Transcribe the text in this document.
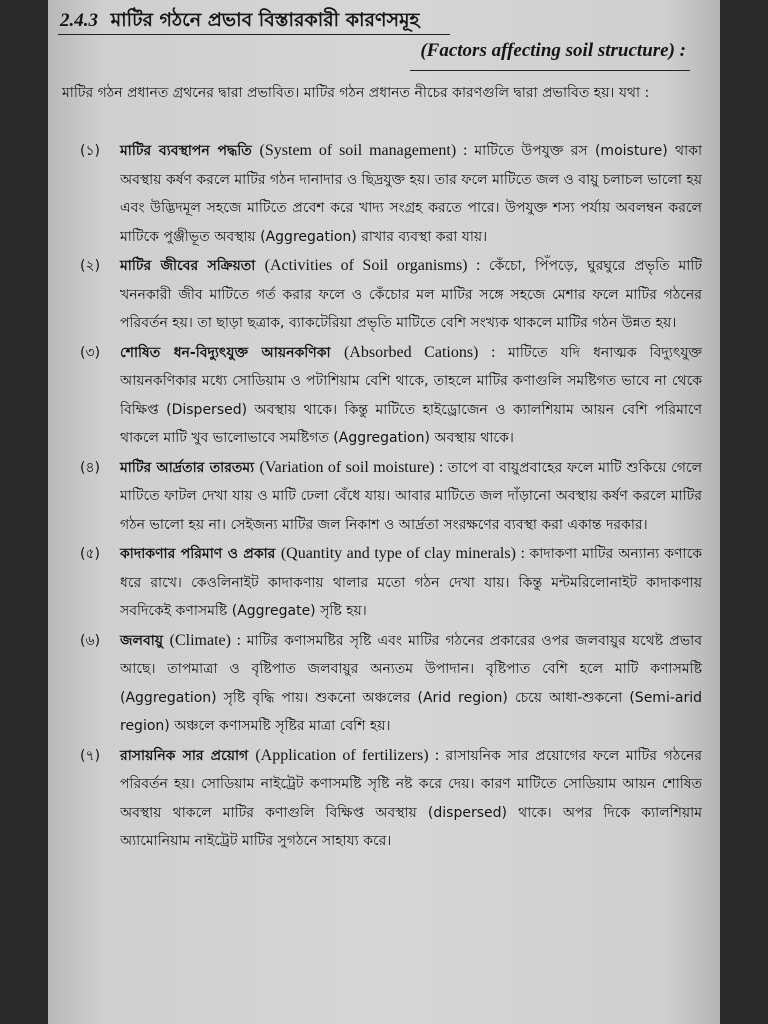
2.4.3 মাটির গঠনে প্রভাব বিস্তারকারী কারণসমূহ
(Factors affecting soil structure) :
মাটির গঠন প্রধানত গ্রথনের দ্বারা প্রভাবিত। মাটির গঠন প্রধানত নীচের কারণগুলি দ্বারা প্রভাবিত হয়। যথা :
(১) মাটির ব্যবস্থাপন পদ্ধতি (System of soil management) : মাটিতে উপযুক্ত রস (moisture) থাকা অবস্থায় কর্ষণ করলে মাটির গঠন দানাদার ও ছিদ্রযুক্ত হয়। তার ফলে মাটিতে জল ও বায়ু চলাচল ভালো হয় এবং উদ্ভিদমূল সহজে মাটিতে প্রবেশ করে খাদ্য সংগ্রহ করতে পারে। উপযুক্ত শস্য পর্যায় অবলম্বন করলে মাটিকে পুঞ্জীভূত অবস্থায় (Aggregation) রাখার ব্যবস্থা করা যায়।
(২) মাটির জীবের সক্রিয়তা (Activities of Soil organisms) : কেঁচো, পিঁপড়ে, ঘুরঘুরে প্রভৃতি মাটি খননকারী জীব মাটিতে গর্ত করার ফলে ও কেঁচোর মল মাটির সঙ্গে সহজে মেশার ফলে মাটির গঠনের পরিবর্তন হয়। তা ছাড়া ছত্রাক, ব্যাকটেরিয়া প্রভৃতি মাটিতে বেশি সংখ্যক থাকলে মাটির গঠন উন্নত হয়।
(৩) শোষিত ধন-বিদ্যুৎযুক্ত আয়নকণিকা (Absorbed Cations) : মাটিতে যদি ধনাত্মক বিদ্যুৎযুক্ত আয়নকণিকার মধ্যে সোডিয়াম ও পটাশিয়াম বেশি থাকে, তাহলে মাটির কণাগুলি সমষ্টিগত ভাবে না থেকে বিক্ষিপ্ত (Dispersed) অবস্থায় থাকে। কিন্তু মাটিতে হাইড্রোজেন ও ক্যালশিয়াম আয়ন বেশি পরিমাণে থাকলে মাটি খুব ভালোভাবে সমষ্টিগত (Aggregation) অবস্থায় থাকে।
(৪) মাটির আর্দ্রতার তারতম্য (Variation of soil moisture) : তাপে বা বায়ুপ্রবাহের ফলে মাটি শুকিয়ে গেলে মাটিতে ফাটল দেখা যায় ও মাটি ঢেলা বেঁধে যায়। আবার মাটিতে জল দাঁড়ানো অবস্থায় কর্ষণ করলে মাটির গঠন ভালো হয় না। সেইজন্য মাটির জল নিকাশ ও আর্দ্রতা সংরক্ষণের ব্যবস্থা করা একান্ত দরকার।
(৫) কাদাকণার পরিমাণ ও প্রকার (Quantity and type of clay minerals) : কাদাকণা মাটির অন্যান্য কণাকে ধরে রাখে। কেওলিনাইট কাদাকণায় থালার মতো গঠন দেখা যায়। কিন্তু মন্টমরিলোনাইট কাদাকণায় সবদিকেই কণাসমষ্টি (Aggregate) সৃষ্টি হয়।
(৬) জলবায়ু (Climate) : মাটির কণাসমষ্টির সৃষ্টি এবং মাটির গঠনের প্রকারের ওপর জলবায়ুর যথেষ্ট প্রভাব আছে। তাপমাত্রা ও বৃষ্টিপাত জলবায়ুর অন্যতম উপাদান। বৃষ্টিপাত বেশি হলে মাটি কণাসমষ্টি (Aggregation) সৃষ্টি বৃদ্ধি পায়। শুকনো অঞ্চলের (Arid region) চেয়ে আধা-শুকনো (Semi-arid region) অঞ্চলে কণাসমষ্টি সৃষ্টির মাত্রা বেশি হয়।
(৭) রাসায়নিক সার প্রয়োগ (Application of fertilizers) : রাসায়নিক সার প্রয়োগের ফলে মাটির গঠনের পরিবর্তন হয়। সোডিয়াম নাইট্রেট কণাসমষ্টি সৃষ্টি নষ্ট করে দেয়। কারণ মাটিতে সোডিয়াম আয়ন শোষিত অবস্থায় থাকলে মাটির কণাগুলি বিক্ষিপ্ত অবস্থায় (dispersed) থাকে। অপর দিকে ক্যালশিয়াম অ্যামোনিয়াম নাইট্রেট মাটির সুগঠনে সাহায্য করে।
